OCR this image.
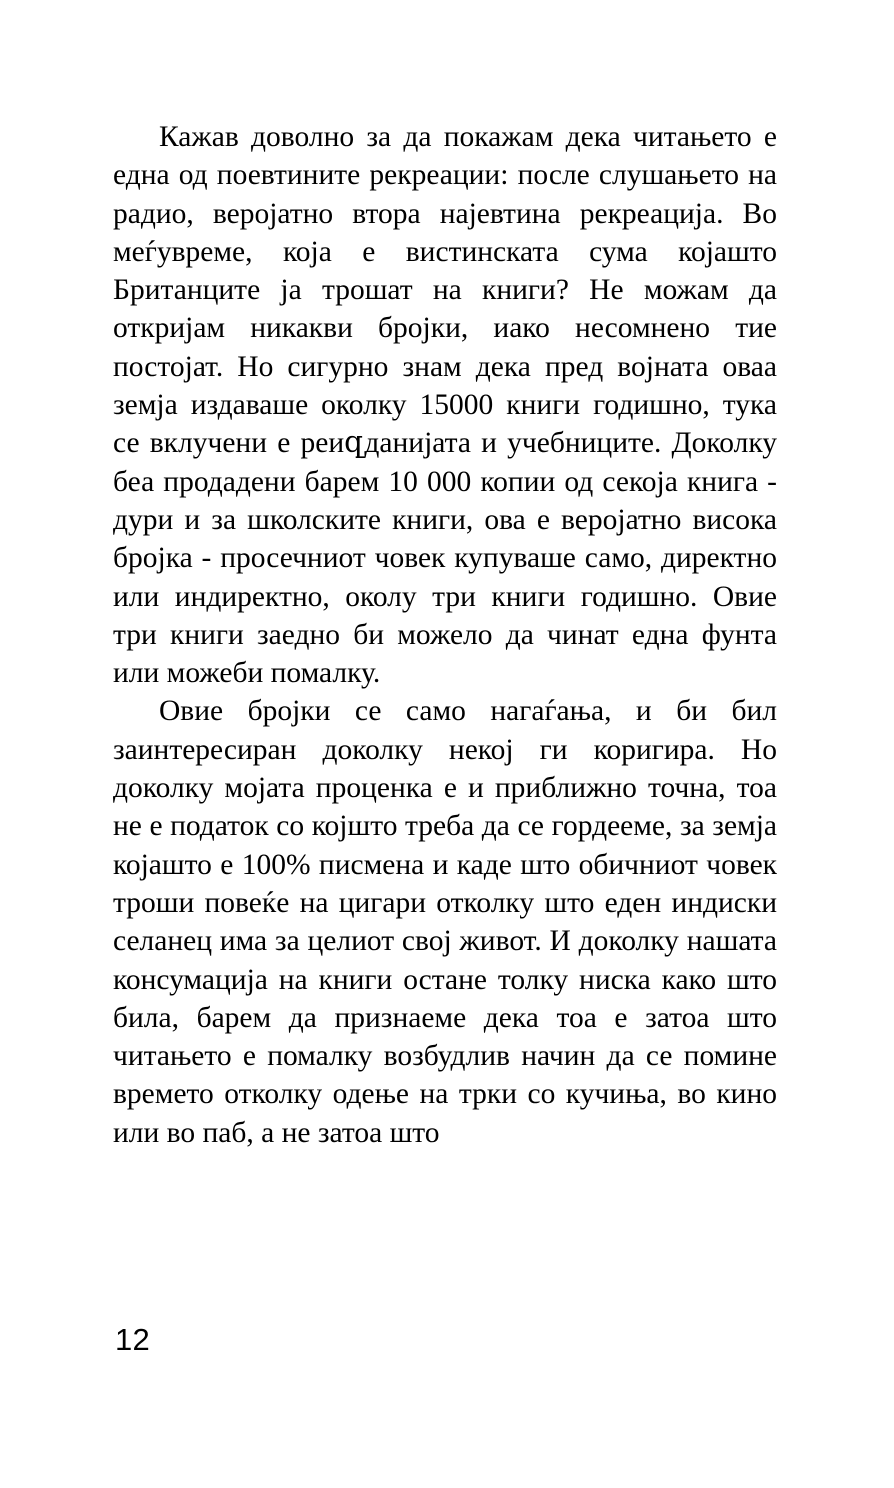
Кажав доволно за да покажам дека читањето е една од поевтините рекреации: после слушањето на радио, веројатно втора најевтина рекреација. Во меѓувреме, која е вистинската сума којашто Британците ја трошат на книги? Не можам да откријам никакви бројки, иако несомнено тие постојат. Но сигурно знам дека пред војната оваа земја издаваше околку 15000 книги годишно, тука се вклучени е реиզданијата и учебниците. Доколку беа продадени барем 10 000 копии од секоја книга - дури и за школските книги, ова е веројатно висока бројка - просечниот човек купуваше само, директно или индиректно, околу три книги годишно. Овие три книги заедно би можело да чинат една фунта или можеби помалку.

Овие бројки се само нагаѓања, и би бил заинтересиран доколку некој ги коригира. Но доколку мојата проценка е и приближно точна, тоа не е податок со којшто треба да се гордееме, за земја којашто е 100% писмена и каде што обичниот човек троши повеќе на цигари отколку што еден индиски селанец има за целиот свој живот. И доколку нашата консумација на книги остане толку ниска како што била, барем да признаеме дека тоа е затоа што читањето е помалку возбудлив начин да се помине времето отколку одење на трки со кучиња, во кино или во паб, а не затоа што

12
